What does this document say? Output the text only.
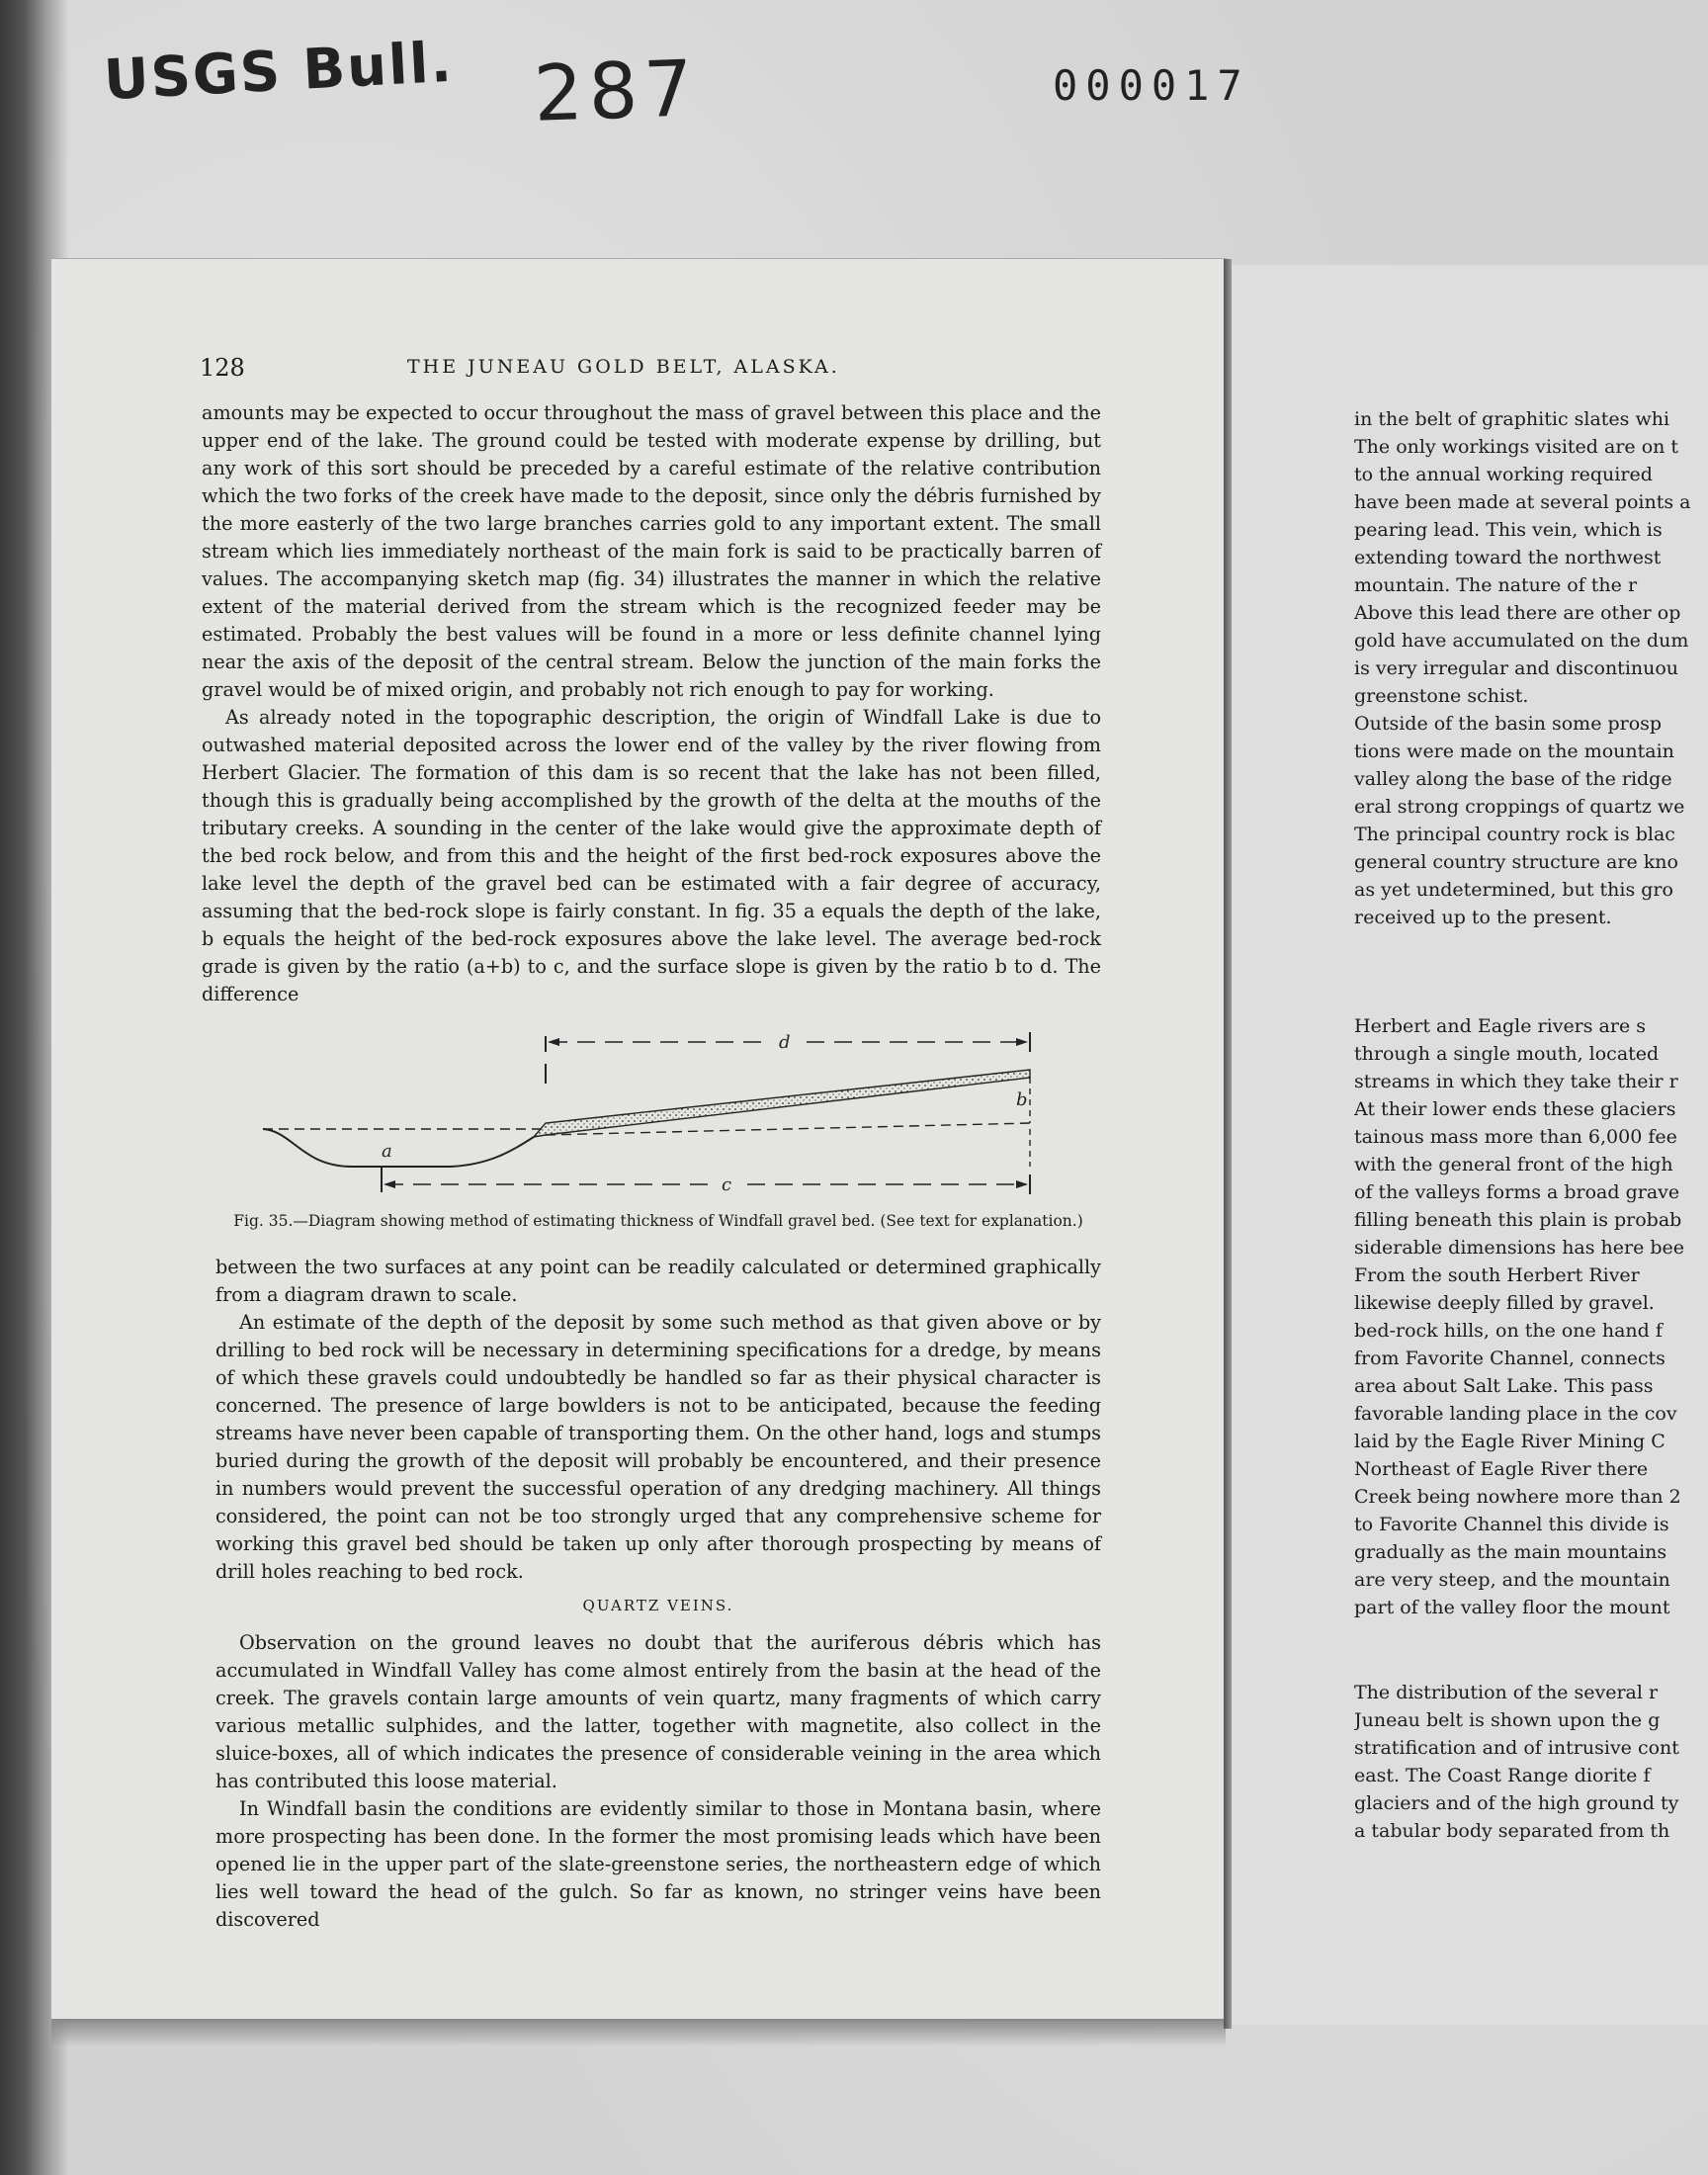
USGS Bull. 287	000017
128	THE JUNEAU GOLD BELT, ALASKA.

amounts may be expected to occur throughout the mass of gravel between this place and the upper end of the lake. The ground could be tested with moderate expense by drilling, but any work of this sort should be preceded by a careful estimate of the relative contribution which the two forks of the creek have made to the deposit, since only the débris furnished by the more easterly of the two large branches carries gold to any important extent. The small stream which lies immediately northeast of the main fork is said to be practically barren of values. The accompanying sketch map (fig. 34) illustrates the manner in which the relative extent of the material derived from the stream which is the recognized feeder may be estimated. Probably the best values will be found in a more or less definite channel lying near the axis of the deposit of the central stream. Below the junction of the main forks the gravel would be of mixed origin, and probably not rich enough to pay for working.

As already noted in the topographic description, the origin of Windfall Lake is due to outwashed material deposited across the lower end of the valley by the river flowing from Herbert Glacier. The formation of this dam is so recent that the lake has not been filled, though this is gradually being accomplished by the growth of the delta at the mouths of the tributary creeks. A sounding in the center of the lake would give the approximate depth of the bed rock below, and from this and the height of the first bed-rock exposures above the lake level the depth of the gravel bed can be estimated with a fair degree of accuracy, assuming that the bed-rock slope is fairly constant. In fig. 35 a equals the depth of the lake, b equals the height of the bed-rock exposures above the lake level. The average bed-rock grade is given by the ratio (a+b) to c, and the surface slope is given by the ratio b to d. The difference

d
b
a
c
Fig. 35.—Diagram showing method of estimating thickness of Windfall gravel bed. (See text for explanation.)

between the two surfaces at any point can be readily calculated or determined graphically from a diagram drawn to scale.

An estimate of the depth of the deposit by some such method as that given above or by drilling to bed rock will be necessary in determining specifications for a dredge, by means of which these gravels could undoubtedly be handled so far as their physical character is concerned. The presence of large bowlders is not to be anticipated, because the feeding streams have never been capable of transporting them. On the other hand, logs and stumps buried during the growth of the deposit will probably be encountered, and their presence in numbers would prevent the successful operation of any dredging machinery. All things considered, the point can not be too strongly urged that any comprehensive scheme for working this gravel bed should be taken up only after thorough prospecting by means of drill holes reaching to bed rock.

QUARTZ VEINS.

Observation on the ground leaves no doubt that the auriferous débris which has accumulated in Windfall Valley has come almost entirely from the basin at the head of the creek. The gravels contain large amounts of vein quartz, many fragments of which carry various metallic sulphides, and the latter, together with magnetite, also collect in the sluice-boxes, all of which indicates the presence of considerable veining in the area which has contributed this loose material.

In Windfall basin the conditions are evidently similar to those in Montana basin, where more prospecting has been done. In the former the most promising leads which have been opened lie in the upper part of the slate-greenstone series, the northeastern edge of which lies well toward the head of the gulch. So far as known, no stringer veins have been discovered

in the belt of graphitic slates whi
The only workings visited are on t
to the annual working required
have been made at several points a
pearing lead. This vein, which is
extending toward the northwest
mountain. The nature of the r
Above this lead there are other op
gold have accumulated on the dum
is very irregular and discontinuou
greenstone schist.
Outside of the basin some prosp
tions were made on the mountain
valley along the base of the ridge
eral strong croppings of quartz we
The principal country rock is blac
general country structure are kno
as yet undetermined, but this gro
received up to the present.
Herbert and Eagle rivers are s
through a single mouth, located
streams in which they take their r
At their lower ends these glaciers
tainous mass more than 6,000 fee
with the general front of the high
of the valleys forms a broad grave
filling beneath this plain is probab
siderable dimensions has here bee
From the south Herbert River
likewise deeply filled by gravel.
bed-rock hills, on the one hand f
from Favorite Channel, connects
area about Salt Lake. This pass
favorable landing place in the cov
laid by the Eagle River Mining C
Northeast of Eagle River there
Creek being nowhere more than 2
to Favorite Channel this divide is
gradually as the main mountains
are very steep, and the mountain
part of the valley floor the mount
The distribution of the several r
Juneau belt is shown upon the g
stratification and of intrusive cont
east. The Coast Range diorite f
glaciers and of the high ground ty
a tabular body separated from th
